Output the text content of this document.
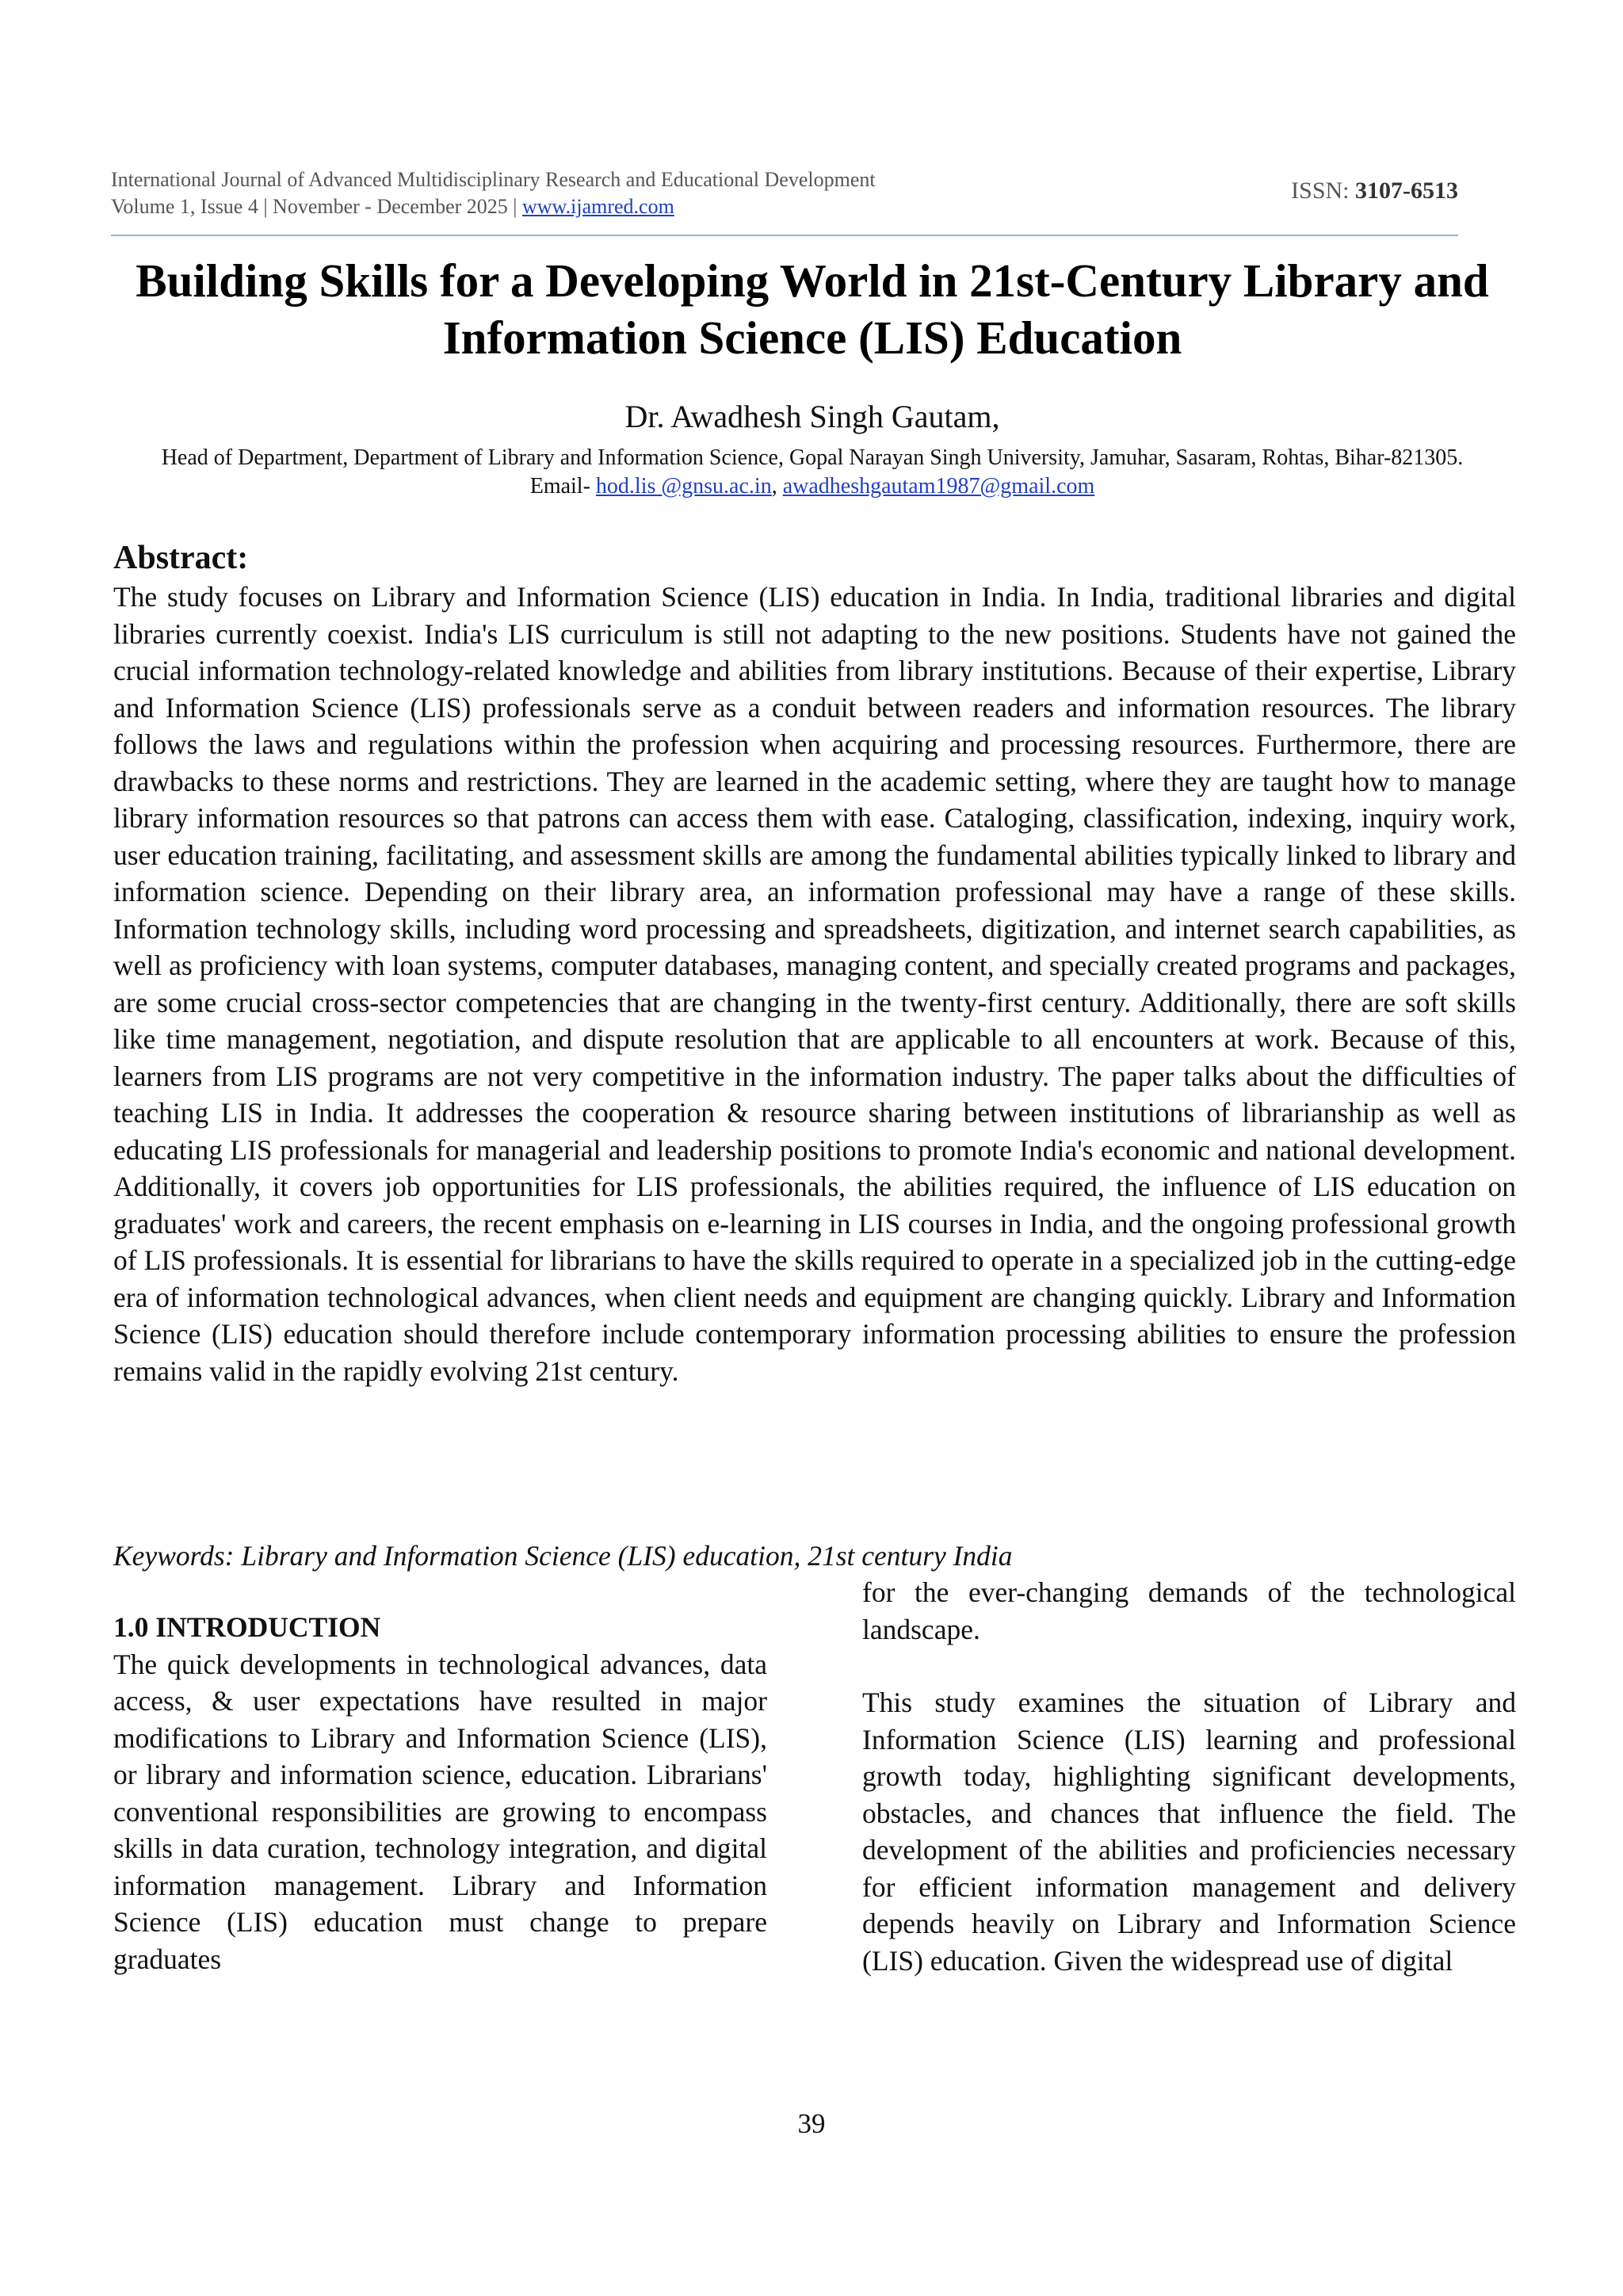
International Journal of Advanced Multidisciplinary Research and Educational Development
Volume 1, Issue 4 | November - December 2025 | www.ijamred.com
ISSN: 3107-6513
Building Skills for a Developing World in 21st-Century Library and Information Science (LIS) Education
Dr. Awadhesh Singh Gautam,
Head of Department, Department of Library and Information Science, Gopal Narayan Singh University, Jamuhar, Sasaram, Rohtas, Bihar-821305.
Email- hod.lis @gnsu.ac.in, awadheshgautam1987@gmail.com
Abstract:
The study focuses on Library and Information Science (LIS) education in India. In India, traditional libraries and digital libraries currently coexist. India's LIS curriculum is still not adapting to the new positions. Students have not gained the crucial information technology-related knowledge and abilities from library institutions. Because of their expertise, Library and Information Science (LIS) professionals serve as a conduit between readers and information resources. The library follows the laws and regulations within the profession when acquiring and processing resources. Furthermore, there are drawbacks to these norms and restrictions. They are learned in the academic setting, where they are taught how to manage library information resources so that patrons can access them with ease. Cataloging, classification, indexing, inquiry work, user education training, facilitating, and assessment skills are among the fundamental abilities typically linked to library and information science. Depending on their library area, an information professional may have a range of these skills. Information technology skills, including word processing and spreadsheets, digitization, and internet search capabilities, as well as proficiency with loan systems, computer databases, managing content, and specially created programs and packages, are some crucial cross-sector competencies that are changing in the twenty-first century. Additionally, there are soft skills like time management, negotiation, and dispute resolution that are applicable to all encounters at work. Because of this, learners from LIS programs are not very competitive in the information industry. The paper talks about the difficulties of teaching LIS in India. It addresses the cooperation & resource sharing between institutions of librarianship as well as educating LIS professionals for managerial and leadership positions to promote India's economic and national development. Additionally, it covers job opportunities for LIS professionals, the abilities required, the influence of LIS education on graduates' work and careers, the recent emphasis on e-learning in LIS courses in India, and the ongoing professional growth of LIS professionals. It is essential for librarians to have the skills required to operate in a specialized job in the cutting-edge era of information technological advances, when client needs and equipment are changing quickly. Library and Information Science (LIS) education should therefore include contemporary information processing abilities to ensure the profession remains valid in the rapidly evolving 21st century.
Keywords: Library and Information Science (LIS) education, 21st century India
1.0 INTRODUCTION

The quick developments in technological advances, data access, & user expectations have resulted in major modifications to Library and Information Science (LIS), or library and information science, education. Librarians' conventional responsibilities are growing to encompass skills in data curation, technology integration, and digital information management. Library and Information Science (LIS) education must change to prepare graduates

for the ever-changing demands of the technological landscape.

This study examines the situation of Library and Information Science (LIS) learning and professional growth today, highlighting significant developments, obstacles, and chances that influence the field. The development of the abilities and proficiencies necessary for efficient information management and delivery depends heavily on Library and Information Science (LIS) education. Given the widespread use of digital

39
